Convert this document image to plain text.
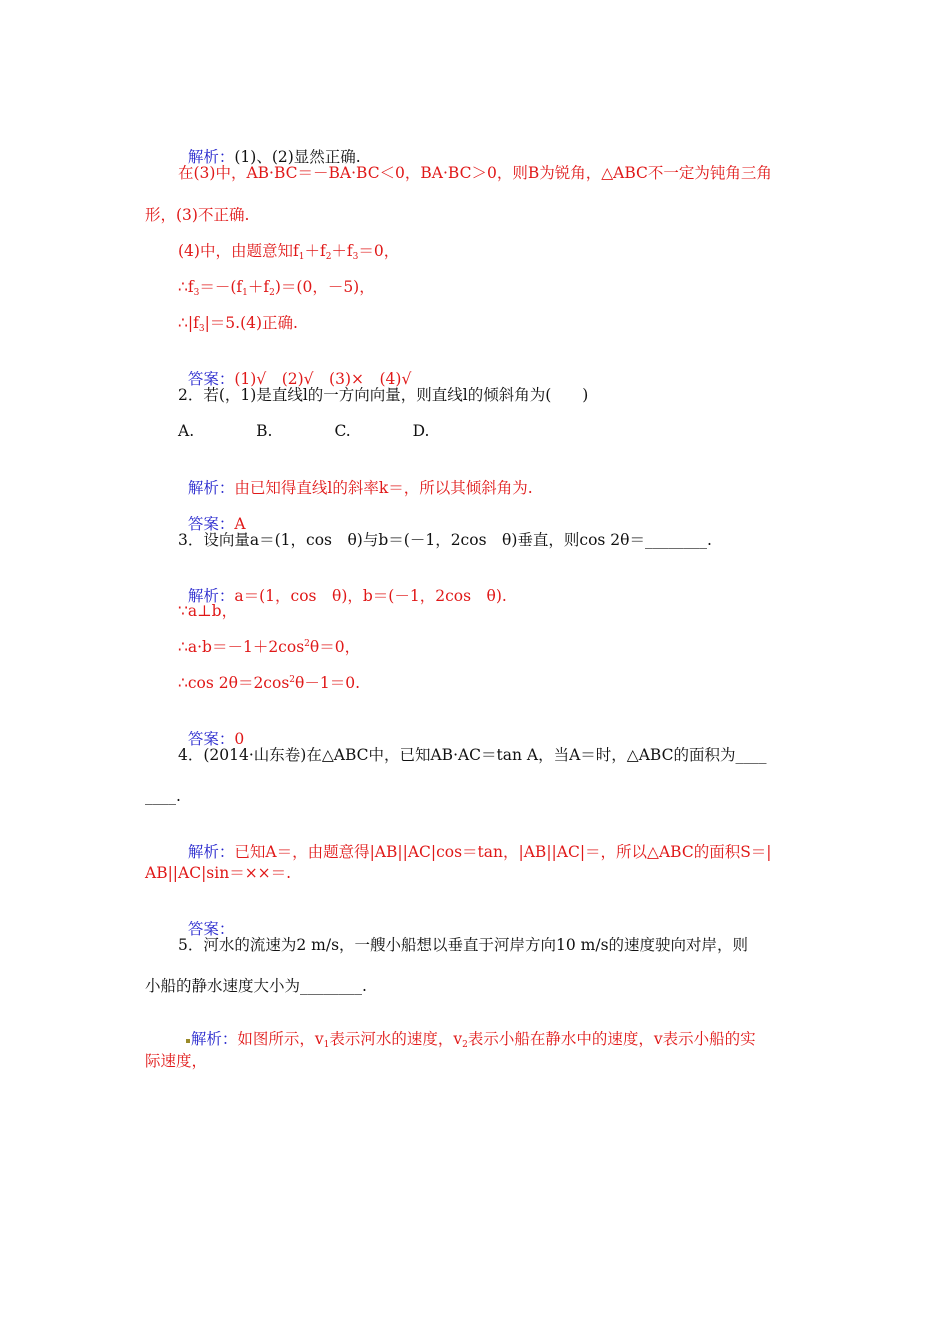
解析：(1)、(2)显然正确.

在(3)中，AB·BC＝－BA·BC＜0，BA·BC＞0，则B为锐角，△ABC不一定为钝角三角
形，(3)不正确.
(4)中，由题意知$f_1+f_2+f_3=0$，
$\therefore f_3=-(f_1+f_2)=(0$，－5)，
$\therefore|f_3|=5.(4)$正确.

答案：(1)√　(2)√　(3)×　(4)√

2．若(，1)是直线l的一方向向量，则直线l的倾斜角为(　　)
A.　　　　B.　　　　C.　　　　D.

解析：由已知得直线l的斜率k＝，所以其倾斜角为.

答案：A

3．设向量a＝(1，cos　θ)与b＝(－1，2cos　θ)垂直，则cos 2θ＝________.

解析：a＝(1，cos　θ)，b＝(－1，2cos　θ).

∵a⊥b，
$\therefore a\cdot b=-1+2\cos^2\theta=0$，
∴cos $2\theta=2\cos^2\theta-1=0$.

答案：0

4．(2014·山东卷)在△ABC中，已知AB·AC＝tan A，当A＝时，△ABC的面积为____
____.

解析：已知A＝，由题意得|AB||AC|cos＝tan，|AB||AC|＝，所以△ABC的面积S＝|

AB||AC|sin＝××＝.

答案：

5．河水的流速为2 m/s，一艘小船想以垂直于河岸方向10 m/s的速度驶向对岸，则
小船的静水速度大小为________.

解析：如图所示，$v_1$表示河水的速度，$v_2$表示小船在静水中的速度，v表示小船的实

际速度，
